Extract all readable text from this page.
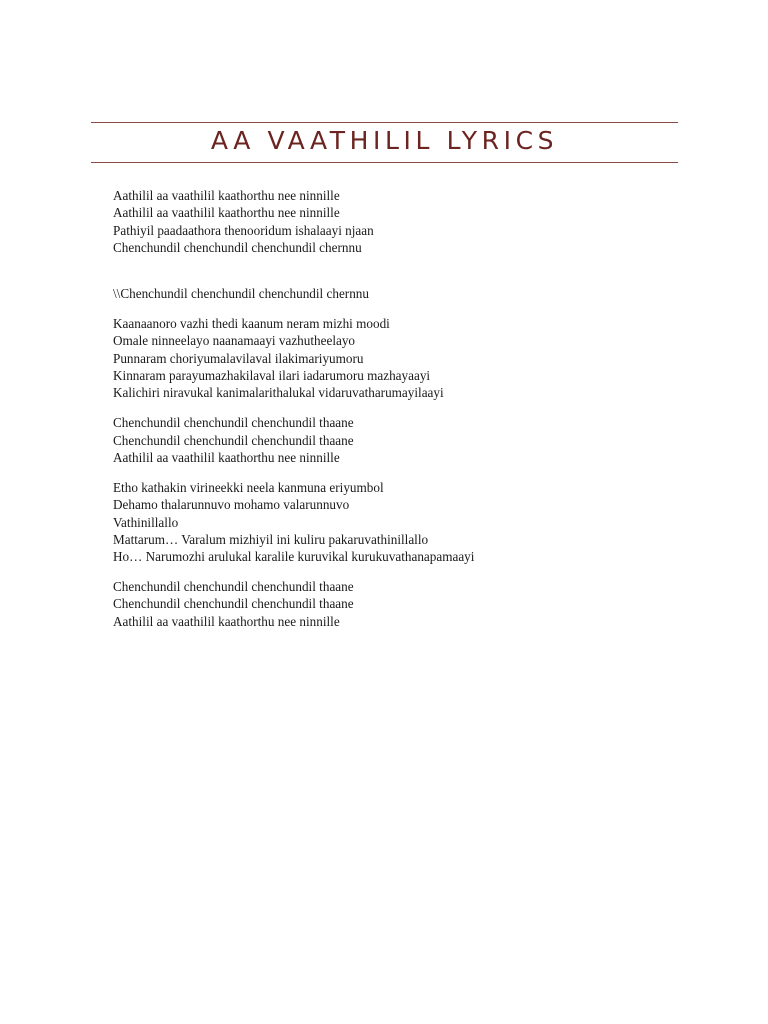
AA VAATHILIL LYRICS
Aathilil aa vaathilil kaathorthu nee ninnille
Aathilil aa vaathilil kaathorthu nee ninnille
Pathiyil paadaathora thenooridum ishalaayi njaan
Chenchundil chenchundil chenchundil chernnu
\\Chenchundil chenchundil chenchundil chernnu
Kaanaanoro vazhi thedi kaanum neram mizhi moodi
Omale ninneelayo naanamaayi vazhutheelayo
Punnaram choriyumalavilaval ilakimariyumoru
Kinnaram parayumazhakilaval ilari iadarumoru mazhayaayi
Kalichiri niravukal kanimalarithalukal vidaruvatharumayilaayi
Chenchundil chenchundil chenchundil thaane
Chenchundil chenchundil chenchundil thaane
Aathilil aa vaathilil kaathorthu nee ninnille
Etho kathakin virineekki neela kanmuna eriyumbol
Dehamo thalarunnuvo mohamo valarunnuvo
Vathinillallo
Mattarum… Varalum mizhiyil ini kuliru pakaruvathinillallo
Ho… Narumozhi arulukal karalile kuruvikal kurukuvathanapamaayi
Chenchundil chenchundil chenchundil thaane
Chenchundil chenchundil chenchundil thaane
Aathilil aa vaathilil kaathorthu nee ninnille
